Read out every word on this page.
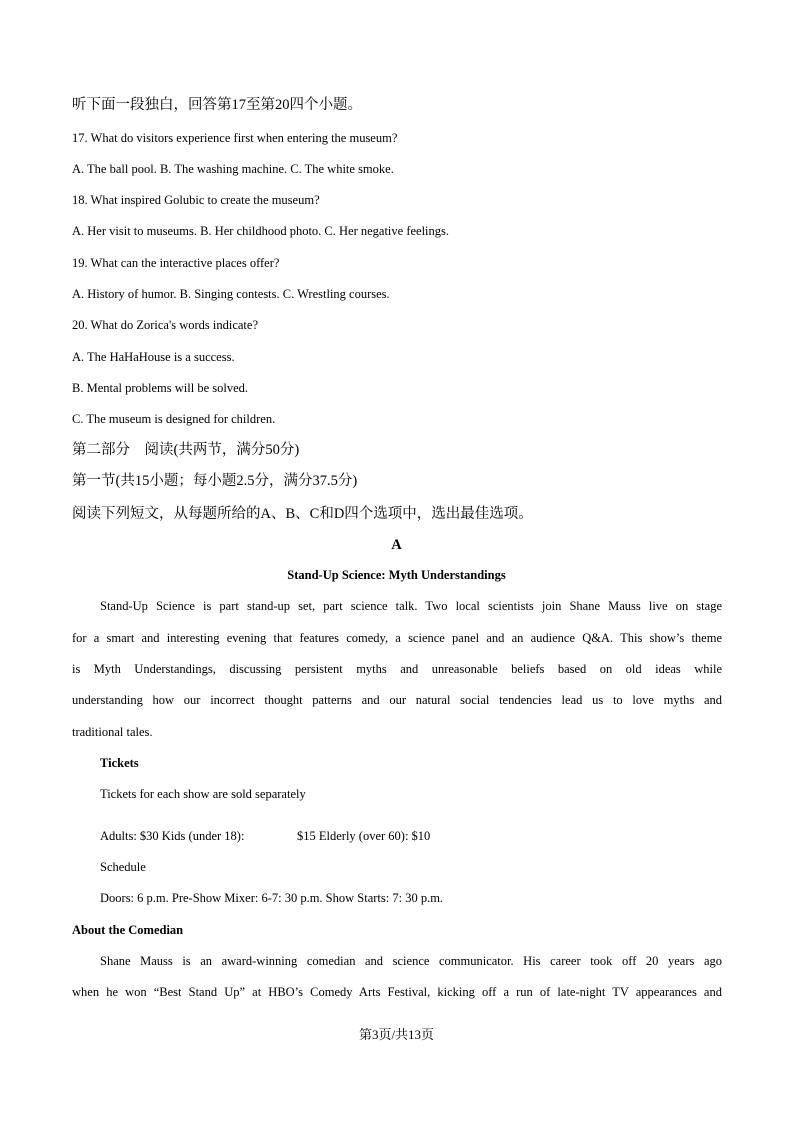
听下面一段独白，回答第17至第20四个小题。
17. What do visitors experience first when entering the museum?
A. The ball pool. B. The washing machine. C. The white smoke.
18. What inspired Golubic to create the museum?
A. Her visit to museums. B. Her childhood photo. C. Her negative feelings.
19. What can the interactive places offer?
A. History of humor. B. Singing contests. C. Wrestling courses.
20. What do Zorica's words indicate?
A. The HaHaHouse is a success.
B. Mental problems will be solved.
C. The museum is designed for children.
第二部分　阅读(共两节，满分50分)
第一节(共15小题；每小题2.5分，满分37.5分)
阅读下列短文，从每题所给的A、B、C和D四个选项中，选出最佳选项。
A
Stand-Up Science: Myth Understandings
Stand-Up Science is part stand-up set, part science talk. Two local scientists join Shane Mauss live on stage
for a smart and interesting evening that features comedy, a science panel and an audience Q&A. This show’s theme
is Myth Understandings, discussing persistent myths and unreasonable beliefs based on old ideas while
understanding how our incorrect thought patterns and our natural social tendencies lead us to love myths and
traditional tales.
Tickets
Tickets for each show are sold separately
Adults: $30 Kids (under 18):	$15 Elderly (over 60): $10
Schedule
Doors: 6 p.m. Pre-Show Mixer: 6-7: 30 p.m. Show Starts: 7: 30 p.m.
About the Comedian
Shane Mauss is an award-winning comedian and science communicator. His career took off 20 years ago
when he won “Best Stand Up” at HBO’s Comedy Arts Festival, kicking off a run of late-night TV appearances and
第3页/共13页
